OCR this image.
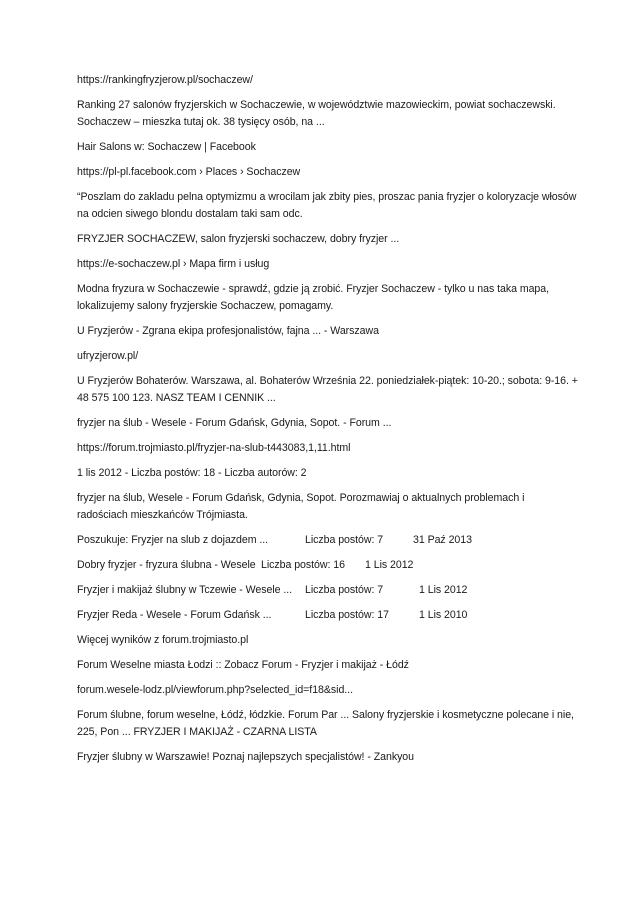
https://rankingfryzjerow.pl/sochaczew/

Ranking 27 salonów fryzjerskich w Sochaczewie, w województwie mazowieckim, powiat sochaczewski. Sochaczew – mieszka tutaj ok. 38 tysięcy osób, na ...

Hair Salons w: Sochaczew | Facebook

https://pl-pl.facebook.com › Places › Sochaczew

“Poszlam do zakladu pelna optymizmu a wrocilam jak zbity pies, proszac pania fryzjer o koloryzacje włosów na odcien siwego blondu dostalam taki sam odc.

FRYZJER SOCHACZEW, salon fryzjerski sochaczew, dobry fryzjer ...

https://e-sochaczew.pl › Mapa firm i usług

Modna fryzura w Sochaczewie - sprawdź, gdzie ją zrobić. Fryzjer Sochaczew - tylko u nas taka mapa, lokalizujemy salony fryzjerskie Sochaczew, pomagamy.

U Fryzjerów - Zgrana ekipa profesjonalistów, fajna ... - Warszawa

ufryzjerow.pl/

U Fryzjerów Bohaterów. Warszawa, al. Bohaterów Września 22. poniedziałek-piątek: 10-20.; sobota: 9-16. + 48 575 100 123. NASZ TEAM I CENNIK ...

fryzjer na ślub - Wesele - Forum Gdańsk, Gdynia, Sopot. - Forum ...

https://forum.trojmiasto.pl/fryzjer-na-slub-t443083,1,11.html

1 lis 2012 - Liczba postów: 18 - Liczba autorów: 2

fryzjer na ślub, Wesele - Forum Gdańsk, Gdynia, Sopot. Porozmawiaj o aktualnych problemach i radościach mieszkańców Trójmiasta.

Poszukuje: Fryzjer na slub z dojazdem ...	Liczba postów: 7	31 Paź 2013
Dobry fryzjer - fryzura ślubna - Wesele Liczba postów: 16	1 Lis 2012
Fryzjer i makijaż ślubny w Tczewie - Wesele ...	Liczba postów: 7	1 Lis 2012
Fryzjer Reda - Wesele - Forum Gdańsk ...	Liczba postów: 17	1 Lis 2010

Więcej wyników z forum.trojmiasto.pl

Forum Weselne miasta Łodzi :: Zobacz Forum - Fryzjer i makijaż - Łódź

forum.wesele-lodz.pl/viewforum.php?selected_id=f18&sid...

Forum ślubne, forum weselne, Łódź, łódzkie. Forum Par ... Salony fryzjerskie i kosmetyczne polecane i nie, 225, Pon ... FRYZJER I MAKIJAŻ - CZARNA LISTA

Fryzjer ślubny w Warszawie! Poznaj najlepszych specjalistów! - Zankyou
